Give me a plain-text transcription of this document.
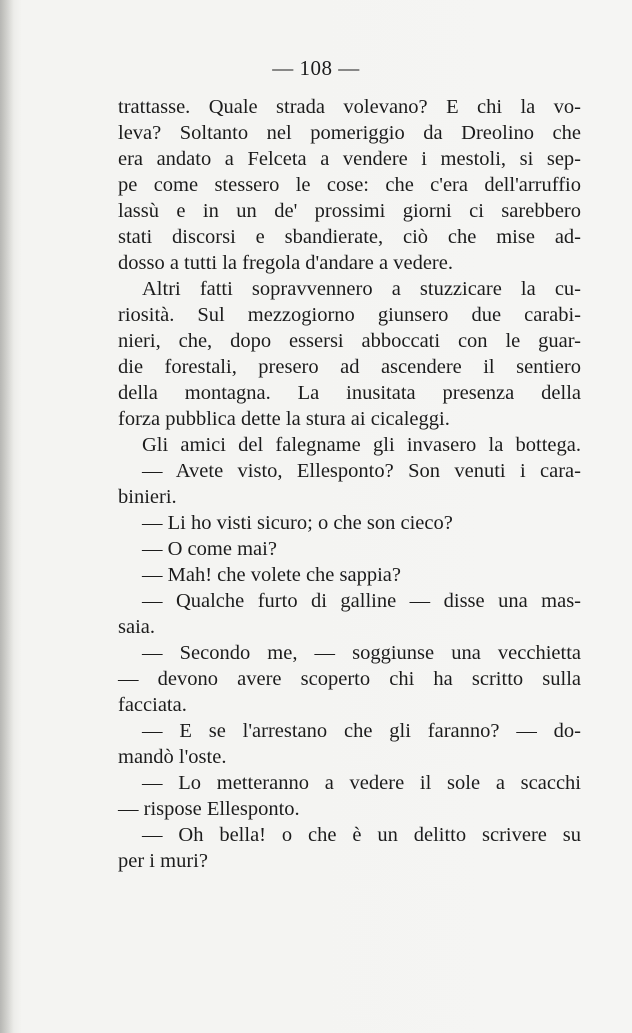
— 108 —
trattasse. Quale strada volevano? E chi la vo-
leva? Soltanto nel pomeriggio da Dreolino che
era andato a Felceta a vendere i mestoli, si sep-
pe come stessero le cose: che c'era dell'arruffio
lassù e in un de' prossimi giorni ci sarebbero
stati discorsi e sbandierate, ciò che mise ad-
dosso a tutti la fregola d'andare a vedere.
Altri fatti sopravvennero a stuzzicare la cu-
riosità. Sul mezzogiorno giunsero due carabi-
nieri, che, dopo essersi abboccati con le guar-
die forestali, presero ad ascendere il sentiero
della montagna. La inusitata presenza della
forza pubblica dette la stura ai cicaleggi.
Gli amici del falegname gli invasero la bottega.
— Avete visto, Ellesponto? Son venuti i cara-
binieri.
— Li ho visti sicuro; o che son cieco?
— O come mai?
— Mah! che volete che sappia?
— Qualche furto di galline — disse una mas-
saia.
— Secondo me, — soggiunse una vecchietta
— devono avere scoperto chi ha scritto sulla
facciata.
— E se l'arrestano che gli faranno? — do-
mandò l'oste.
— Lo metteranno a vedere il sole a scacchi
— rispose Ellesponto.
— Oh bella! o che è un delitto scrivere su
per i muri?
